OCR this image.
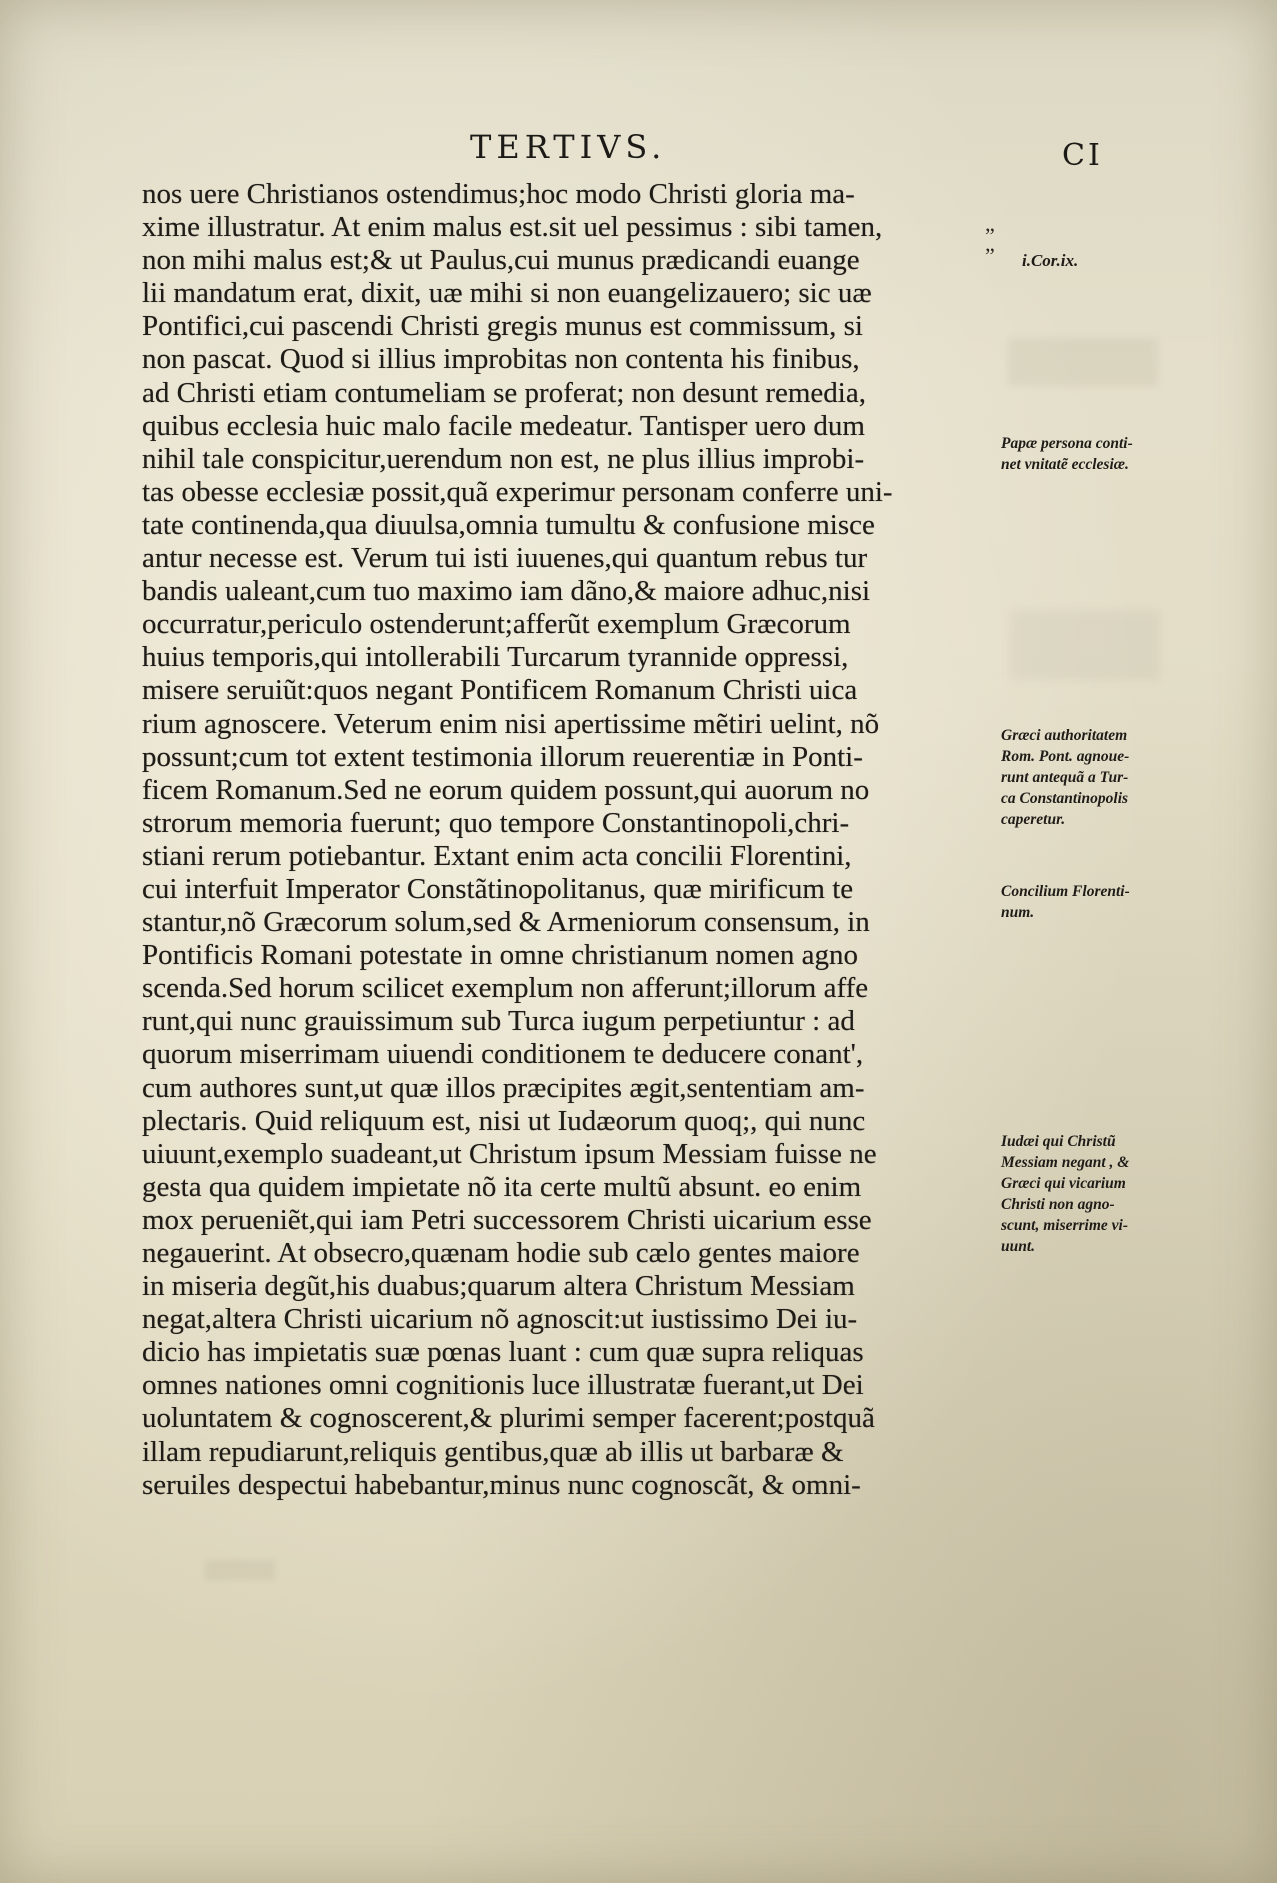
TERTIVS.	CI
nos uere Christianos ostendimus;hoc modo Christi gloria ma-
xime illustratur. At enim malus est.sit uel pessimus : sibi tamen,
non mihi malus est;& ut Paulus,cui munus prædicandi euange
lii mandatum erat, dixit, uæ mihi si non euangelizauero; sic uæ
Pontifici,cui pascendi Christi gregis munus est commissum, si
non pascat. Quod si illius improbitas non contenta his finibus,
ad Christi etiam contumeliam se proferat; non desunt remedia,
quibus ecclesia huic malo facile medeatur. Tantisper uero dum
nihil tale conspicitur,uerendum non est, ne plus illius improbi-
tas obesse ecclesiæ possit,quã experimur personam conferre uni-
tate continenda,qua diuulsa,omnia tumultu & confusione misce
antur necesse est. Verum tui isti iuuenes,qui quantum rebus tur
bandis ualeant,cum tuo maximo iam dãno,& maiore adhuc,nisi
occurratur,periculo ostenderunt;afferũt exemplum Græcorum
huius temporis,qui intollerabili Turcarum tyrannide oppressi,
misere seruiũt:quos negant Pontificem Romanum Christi uica
rium agnoscere. Veterum enim nisi apertissime mẽtiri uelint, nõ
possunt;cum tot extent testimonia illorum reuerentiæ in Ponti-
ficem Romanum.Sed ne eorum quidem possunt,qui auorum no
strorum memoria fuerunt; quo tempore Constantinopoli,chri-
stiani rerum potiebantur. Extant enim acta concilii Florentini,
cui interfuit Imperator Constãtinopolitanus, quæ mirificum te
stantur,nõ Græcorum solum,sed & Armeniorum consensum, in
Pontificis Romani potestate in omne christianum nomen agno
scenda.Sed horum scilicet exemplum non afferunt;illorum affe
runt,qui nunc grauissimum sub Turca iugum perpetiuntur : ad
quorum miserrimam uiuendi conditionem te deducere conant',
cum authores sunt,ut quæ illos præcipites ægit,sententiam am-
plectaris. Quid reliquum est, nisi ut Iudæorum quoq;, qui nunc
uiuunt,exemplo suadeant,ut Christum ipsum Messiam fuisse ne
gesta qua quidem impietate nõ ita certe multũ absunt. eo enim
mox perueniẽt,qui iam Petri successorem Christi uicarium esse
negauerint. At obsecro,quænam hodie sub cælo gentes maiore
in miseria degũt,his duabus;quarum altera Christum Messiam
negat,altera Christi uicarium nõ agnoscit:ut iustissimo Dei iu-
dicio has impietatis suæ pœnas luant : cum quæ supra reliquas
omnes nationes omni cognitionis luce illustratæ fuerant,ut Dei
uoluntatem & cognoscerent,& plurimi semper facerent;postquã
illam repudiarunt,reliquis gentibus,quæ ab illis ut barbaræ &
seruiles despectui habebantur,minus nunc cognoscãt, & omni-
”
” i.Cor.ix.
Papæ persona conti-
net vnitatẽ ecclesiæ.
Græci authoritatem
Rom. Pont. agnoue-
runt antequã a Tur-
ca Constantinopolis
caperetur.
Concilium Florenti-
num.
Iudæi qui Christũ
Messiam negant , &
Græci qui vicarium
Christi non agno-
scunt, miserrime vi-
uunt.
